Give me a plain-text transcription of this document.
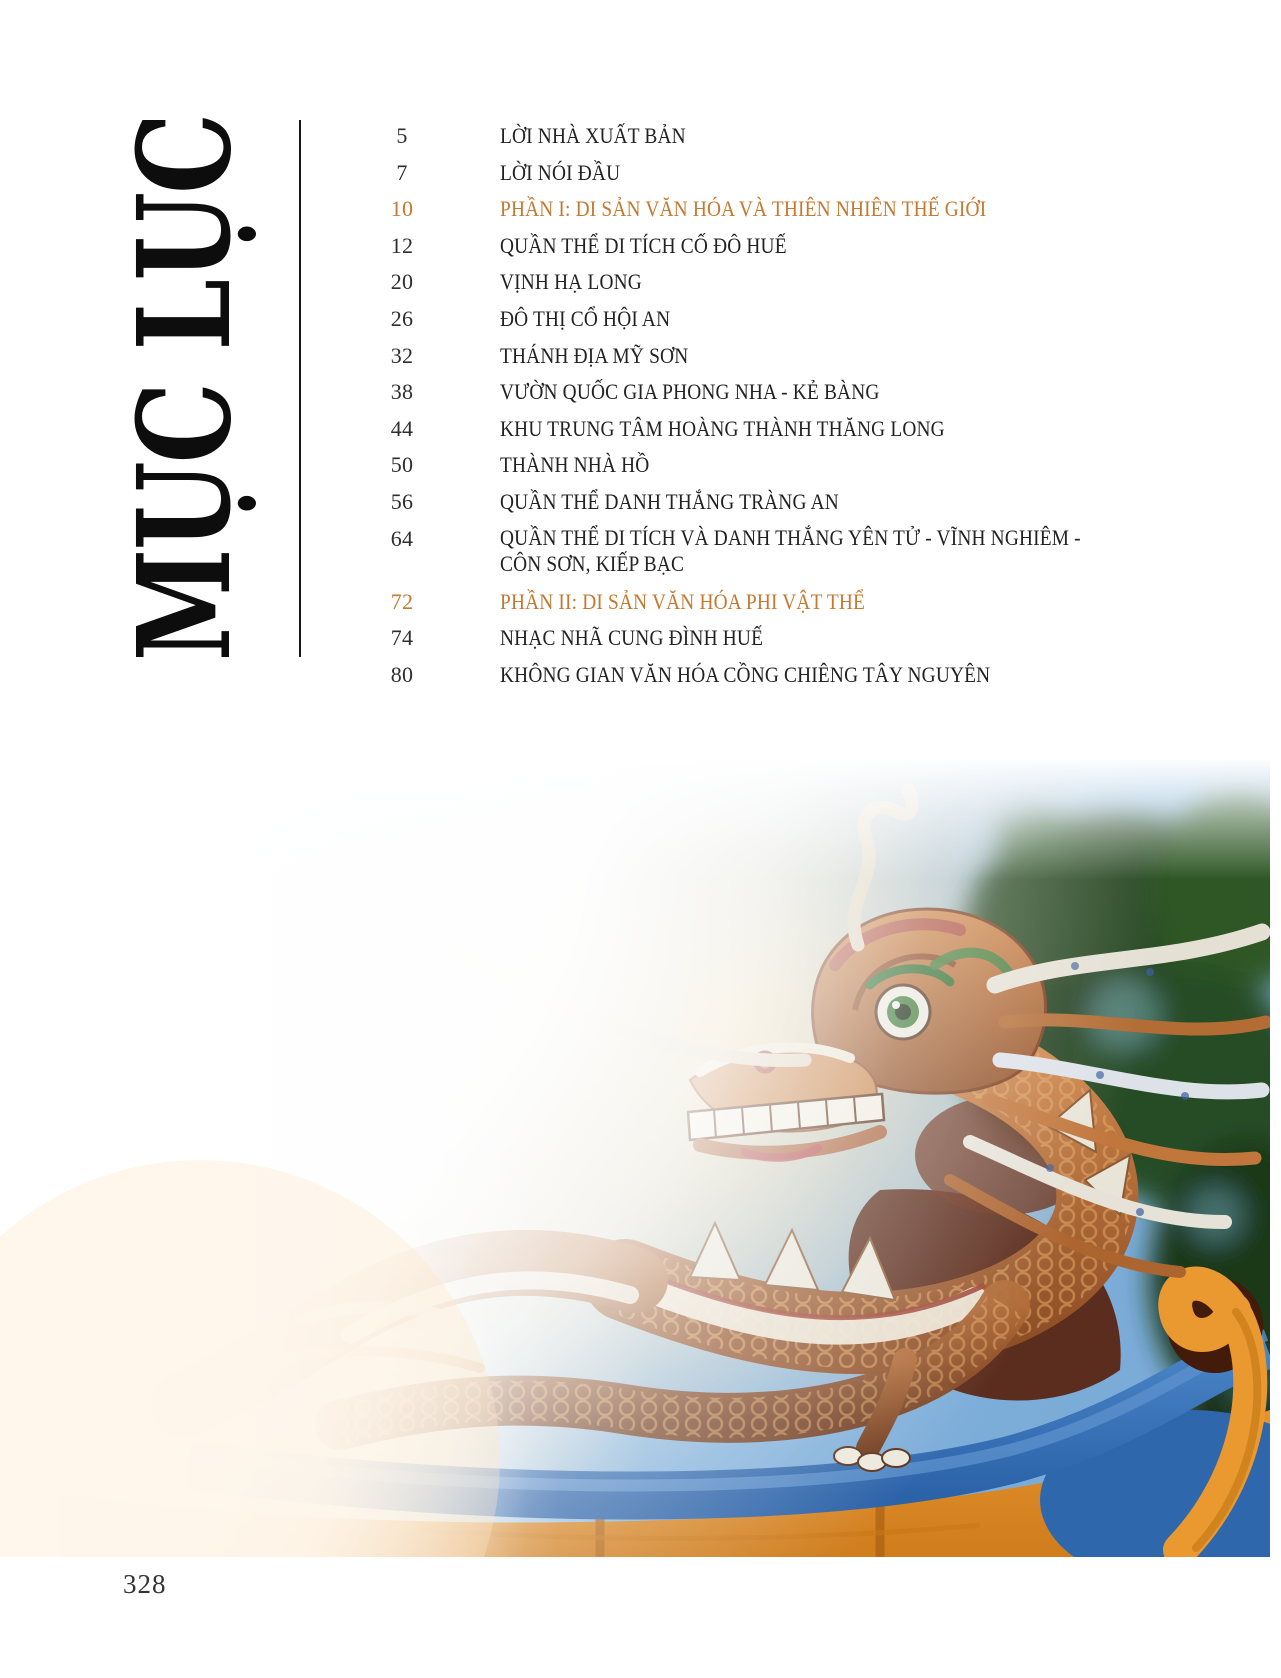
MỤC LỤC	5	LỜI NHÀ XUẤT BẢN
7	LỜI NÓI ĐẦU
10	PHẦN I: DI SẢN VĂN HÓA VÀ THIÊN NHIÊN THẾ GIỚI
12	QUẦN THỂ DI TÍCH CỐ ĐÔ HUẾ
20	VỊNH HẠ LONG
26	ĐÔ THỊ CỔ HỘI AN
32	THÁNH ĐỊA MỸ SƠN
38	VƯỜN QUỐC GIA PHONG NHA - KẺ BÀNG
44	KHU TRUNG TÂM HOÀNG THÀNH THĂNG LONG
50	THÀNH NHÀ HỒ
56	QUẦN THỂ DANH THẮNG TRÀNG AN
64	QUẦN THỂ DI TÍCH VÀ DANH THẮNG YÊN TỬ - VĨNH NGHIÊM -
CÔN SƠN, KIẾP BẠC
72	PHẦN II: DI SẢN VĂN HÓA PHI VẬT THỂ
74	NHẠC NHÃ CUNG ĐÌNH HUẾ
80	KHÔNG GIAN VĂN HÓA CỒNG CHIÊNG TÂY NGUYÊN
328
